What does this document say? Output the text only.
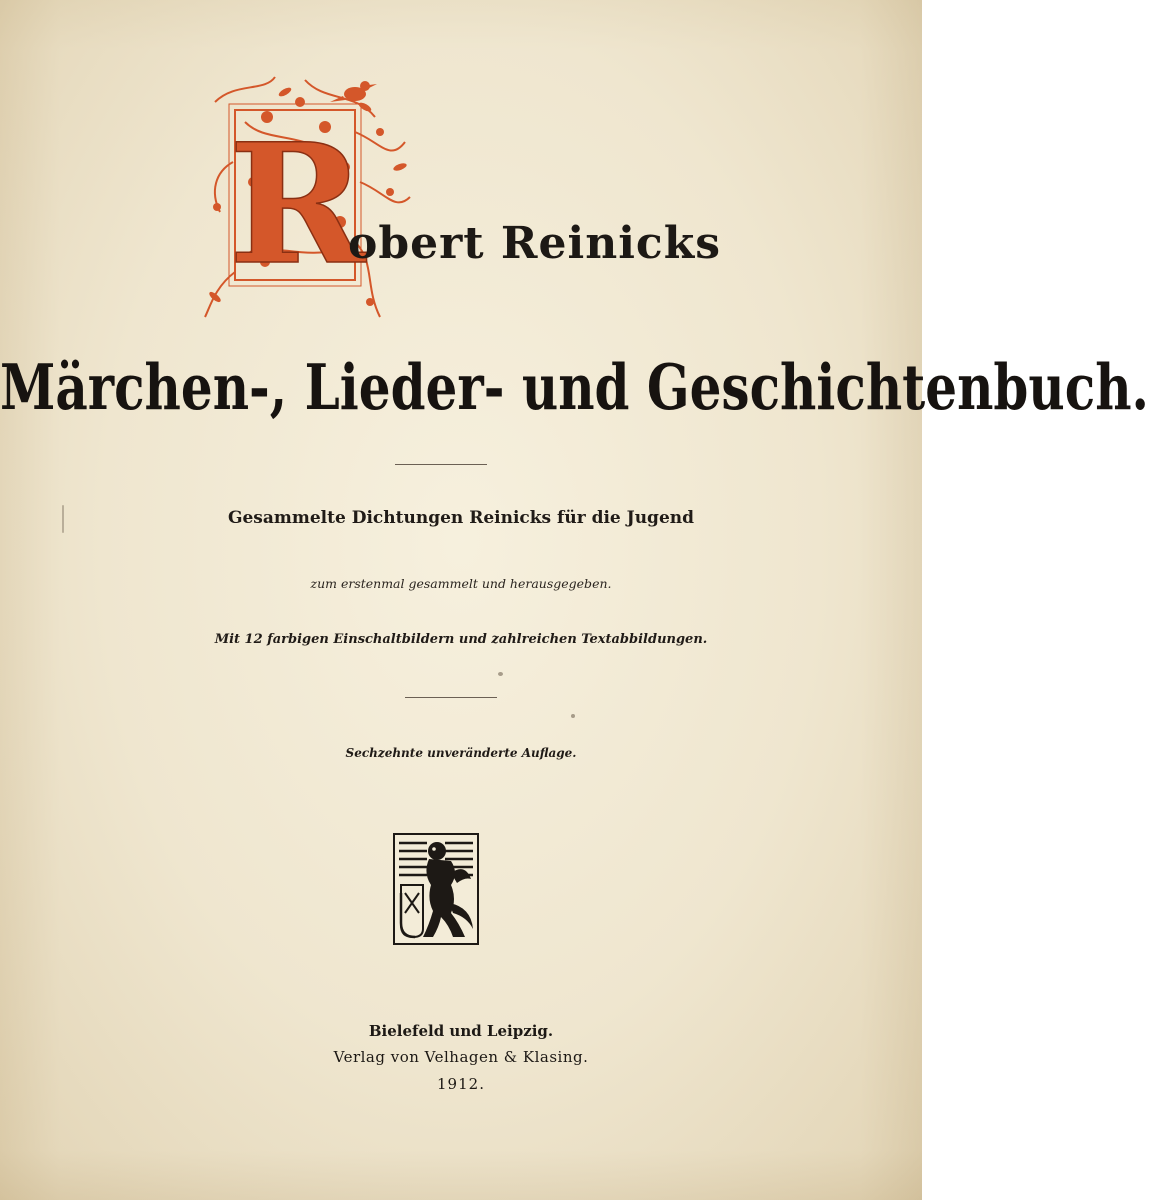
R
obert Reinicks
Märchen-, Lieder- und Geschichtenbuch.
Gesammelte Dichtungen Reinicks für die Jugend
zum erstenmal gesammelt und herausgegeben.
Mit 12 farbigen Einschaltbildern und zahlreichen Textabbildungen.
Sechzehnte unveränderte Auflage.
Bielefeld und Leipzig.
Verlag von Velhagen & Klasing.
1912.
